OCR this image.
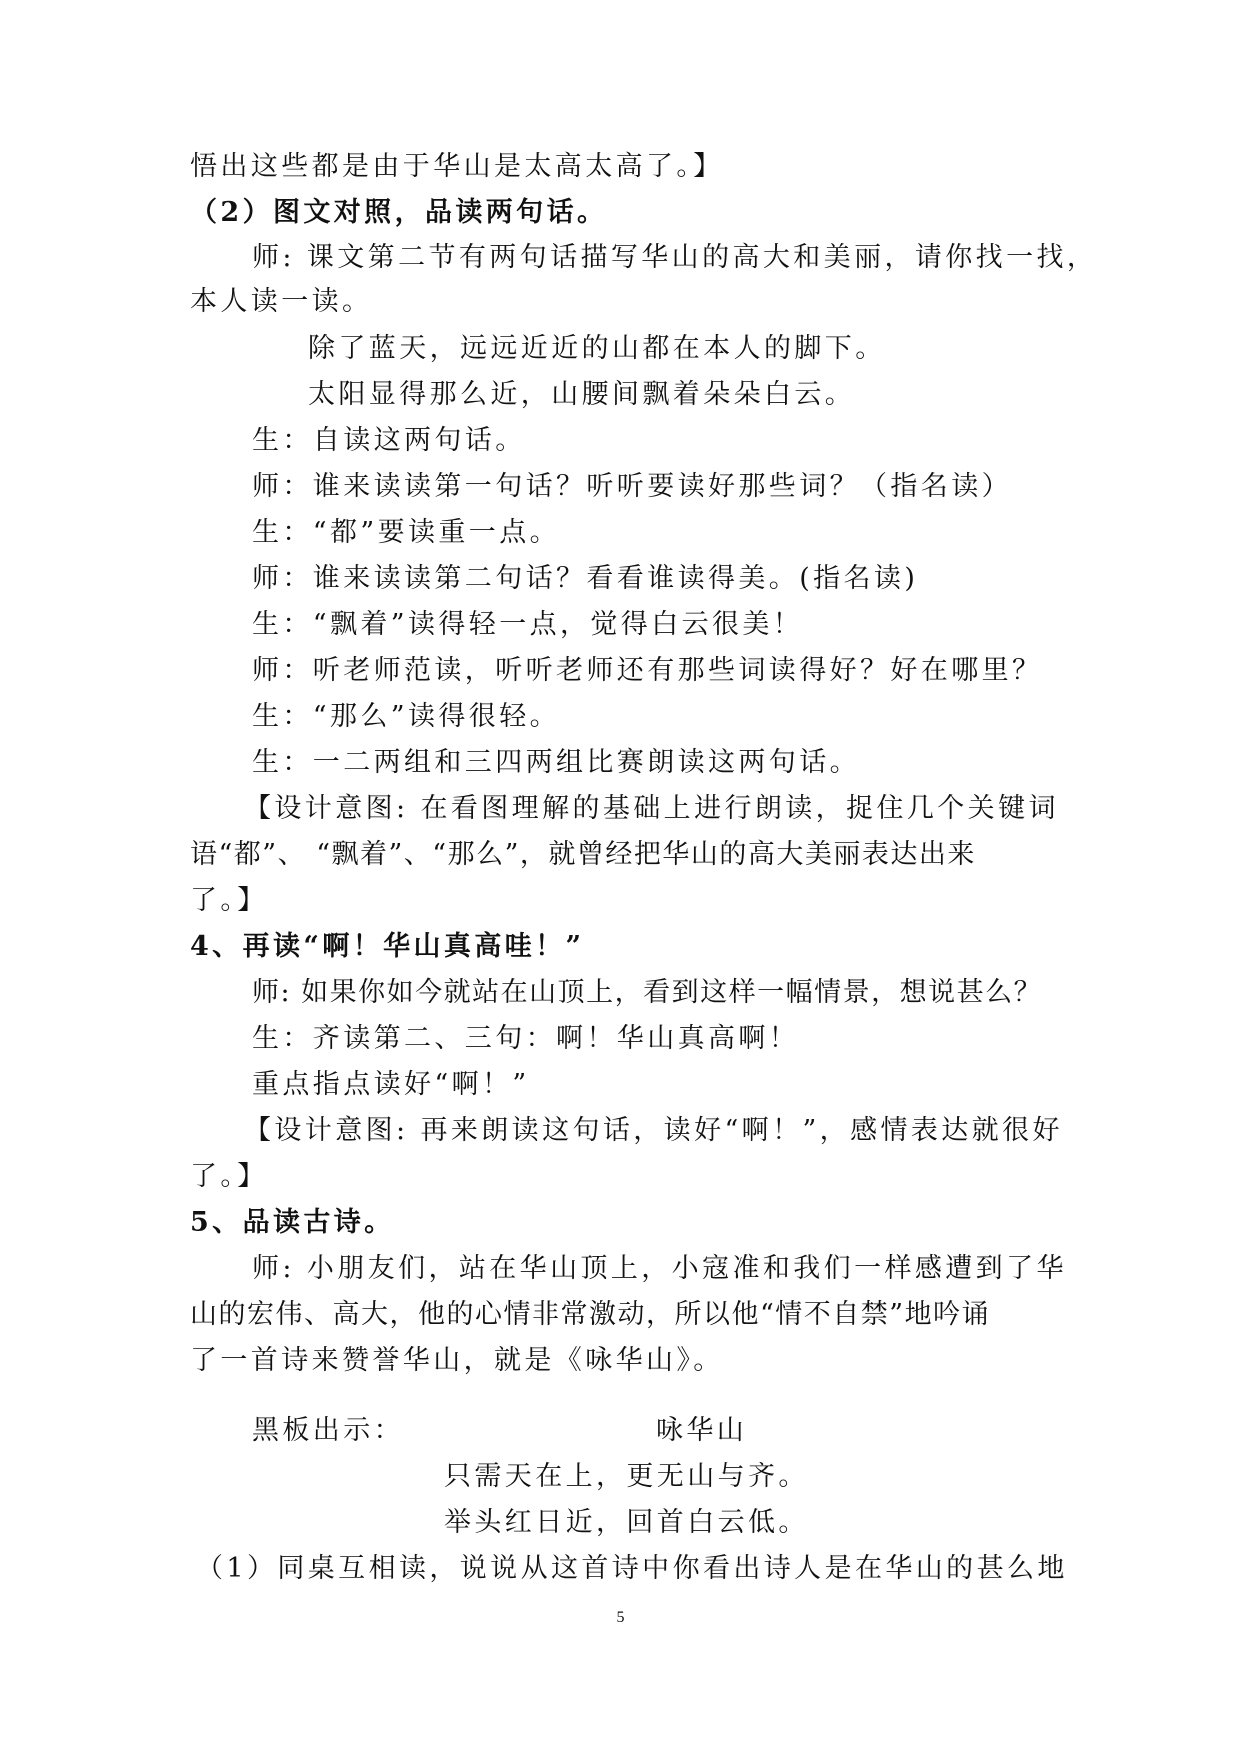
悟出这些都是由于华山是太高太高了。】
（2）图文对照，品读两句话。
师: 课文第二节有两句话描写华山的高大和美丽，请你找一找，
本人读一读。
除了蓝天，远远近近的山都在本人的脚下。
太阳显得那么近，山腰间飘着朵朵白云。
生：自读这两句话。
师：谁来读读第一句话？听听要读好那些词？（指名读）
生：“都”要读重一点。
师：谁来读读第二句话？看看谁读得美。(指名读)
生：“飘着”读得轻一点，觉得白云很美！
师：听老师范读，听听老师还有那些词读得好？好在哪里？
生：“那么”读得很轻。
生：一二两组和三四两组比赛朗读这两句话。
【设计意图: 在看图理解的基础上进行朗读，捉住几个关键词
语“都”、 “飘着”、“那么”，就曾经把华山的高大美丽表达出来
了。】
4、再读“啊！华山真高哇！”
师: 如果你如今就站在山顶上，看到这样一幅情景，想说甚么？
生：齐读第二、三句：啊！华山真高啊！
重点指点读好“啊！”
【设计意图: 再来朗读这句话，读好“啊！”，感情表达就很好
了。】
5、品读古诗。
师: 小朋友们，站在华山顶上，小寇准和我们一样感遭到了华
山的宏伟、高大，他的心情非常激动，所以他“情不自禁”地吟诵
了一首诗来赞誉华山，就是《咏华山》。
黑板出示：	咏华山
只需天在上，更无山与齐。
举头红日近，回首白云低。
（1）同桌互相读，说说从这首诗中你看出诗人是在华山的甚么地
5
